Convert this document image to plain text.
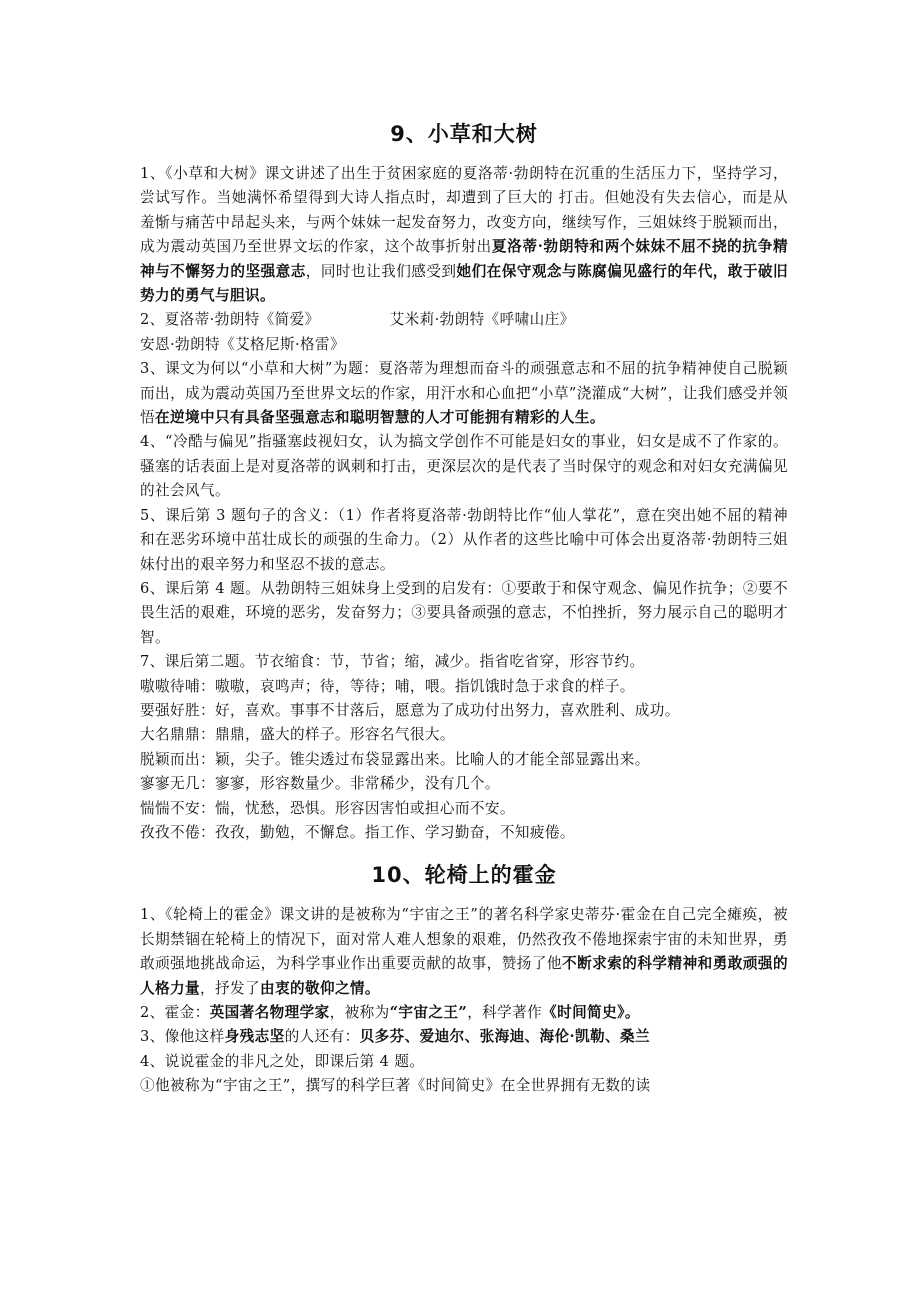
9、小草和大树

1、《小草和大树》课文讲述了出生于贫困家庭的夏洛蒂·勃朗特在沉重的生活压力下，坚持学习，尝试写作。当她满怀希望得到大诗人指点时，却遭到了巨大的 打击。但她没有失去信心，而是从羞惭与痛苦中昂起头来，与两个妹妹一起发奋努力，改变方向，继续写作，三姐妹终于脱颖而出，成为震动英国乃至世界文坛的作家，这个故事折射出夏洛蒂·勃朗特和两个妹妹不屈不挠的抗争精神与不懈努力的坚强意志，同时也让我们感受到她们在保守观念与陈腐偏见盛行的年代，敢于破旧势力的勇气与胆识。

2、夏洛蒂·勃朗特《简爱》	艾米莉·勃朗特《呼啸山庄》

安恩·勃朗特《艾格尼斯·格雷》

3、课文为何以“小草和大树”为题：夏洛蒂为理想而奋斗的顽强意志和不屈的抗争精神使自己脱颖而出，成为震动英国乃至世界文坛的作家，用汗水和心血把“小草”浇灌成“大树”，让我们感受并领悟在逆境中只有具备坚强意志和聪明智慧的人才可能拥有精彩的人生。

4、“冷酷与偏见”指骚塞歧视妇女，认为搞文学创作不可能是妇女的事业，妇女是成不了作家的。骚塞的话表面上是对夏洛蒂的讽刺和打击，更深层次的是代表了当时保守的观念和对妇女充满偏见的社会风气。

5、课后第 3 题句子的含义：（1）作者将夏洛蒂·勃朗特比作“仙人掌花”，意在突出她不屈的精神和在恶劣环境中茁壮成长的顽强的生命力。（2）从作者的这些比喻中可体会出夏洛蒂·勃朗特三姐妹付出的艰辛努力和坚忍不拔的意志。

6、课后第 4 题。从勃朗特三姐妹身上受到的启发有：①要敢于和保守观念、偏见作抗争；②要不畏生活的艰难，环境的恶劣，发奋努力；③要具备顽强的意志，不怕挫折，努力展示自己的聪明才智。

7、课后第二题。节衣缩食：节，节省；缩，减少。指省吃省穿，形容节约。

嗷嗷待哺：嗷嗷，哀鸣声；待，等待；哺，喂。指饥饿时急于求食的样子。

要强好胜：好，喜欢。事事不甘落后，愿意为了成功付出努力，喜欢胜利、成功。

大名鼎鼎：鼎鼎，盛大的样子。形容名气很大。

脱颖而出：颖，尖子。锥尖透过布袋显露出来。比喻人的才能全部显露出来。

寥寥无几：寥寥，形容数量少。非常稀少，没有几个。

惴惴不安：惴，忧愁，恐惧。形容因害怕或担心而不安。

孜孜不倦：孜孜，勤勉，不懈怠。指工作、学习勤奋，不知疲倦。

10、轮椅上的霍金

1、《轮椅上的霍金》课文讲的是被称为“宇宙之王”的著名科学家史蒂芬·霍金在自己完全瘫痪，被长期禁锢在轮椅上的情况下，面对常人难人想象的艰难，仍然孜孜不倦地探索宇宙的未知世界，勇敢顽强地挑战命运，为科学事业作出重要贡献的故事，赞扬了他不断求索的科学精神和勇敢顽强的人格力量，抒发了由衷的敬仰之情。

2、霍金：英国著名物理学家，被称为“宇宙之王”，科学著作《时间简史》。

3、像他这样身残志坚的人还有：贝多芬、爱迪尔、张海迪、海伦·凯勒、桑兰

4、说说霍金的非凡之处，即课后第 4 题。

①他被称为“宇宙之王”，撰写的科学巨著《时间简史》在全世界拥有无数的读
